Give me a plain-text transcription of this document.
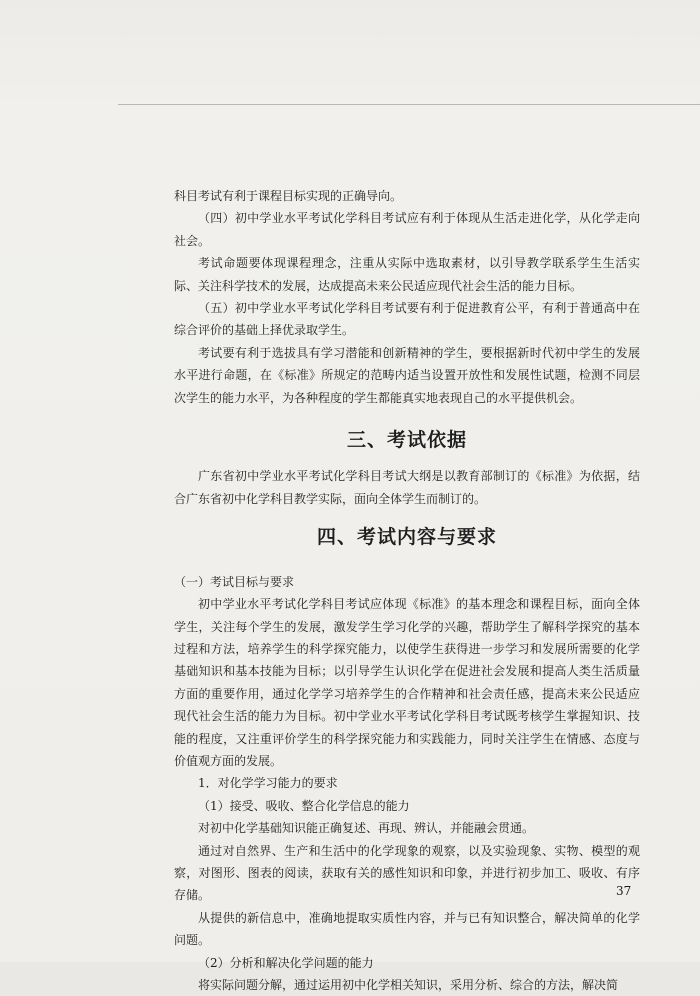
科目考试有利于课程目标实现的正确导向。

（四）初中学业水平考试化学科目考试应有利于体现从生活走进化学，从化学走向社会。

考试命题要体现课程理念，注重从实际中选取素材，以引导教学联系学生生活实际、关注科学技术的发展，达成提高未来公民适应现代社会生活的能力目标。

（五）初中学业水平考试化学科目考试要有利于促进教育公平，有利于普通高中在综合评价的基础上择优录取学生。

考试要有利于选拔具有学习潜能和创新精神的学生，要根据新时代初中学生的发展水平进行命题，在《标准》所规定的范畴内适当设置开放性和发展性试题，检测不同层次学生的能力水平，为各种程度的学生都能真实地表现自己的水平提供机会。

三、考试依据

广东省初中学业水平考试化学科目考试大纲是以教育部制订的《标准》为依据，结合广东省初中化学科目教学实际，面向全体学生而制订的。

四、考试内容与要求

（一）考试目标与要求

初中学业水平考试化学科目考试应体现《标准》的基本理念和课程目标，面向全体学生，关注每个学生的发展，激发学生学习化学的兴趣，帮助学生了解科学探究的基本过程和方法，培养学生的科学探究能力，以使学生获得进一步学习和发展所需要的化学基础知识和基本技能为目标；以引导学生认识化学在促进社会发展和提高人类生活质量方面的重要作用，通过化学学习培养学生的合作精神和社会责任感，提高未来公民适应现代社会生活的能力为目标。初中学业水平考试化学科目考试既考核学生掌握知识、技能的程度，又注重评价学生的科学探究能力和实践能力，同时关注学生在情感、态度与价值观方面的发展。

1．对化学学习能力的要求

（1）接受、吸收、整合化学信息的能力

对初中化学基础知识能正确复述、再现、辨认，并能融会贯通。

通过对自然界、生产和生活中的化学现象的观察，以及实验现象、实物、模型的观察，对图形、图表的阅读，获取有关的感性知识和印象，并进行初步加工、吸收、有序存储。

从提供的新信息中，准确地提取实质性内容，并与已有知识整合，解决简单的化学问题。

（2）分析和解决化学问题的能力

将实际问题分解，通过运用初中化学相关知识，采用分析、综合的方法，解决简

37
